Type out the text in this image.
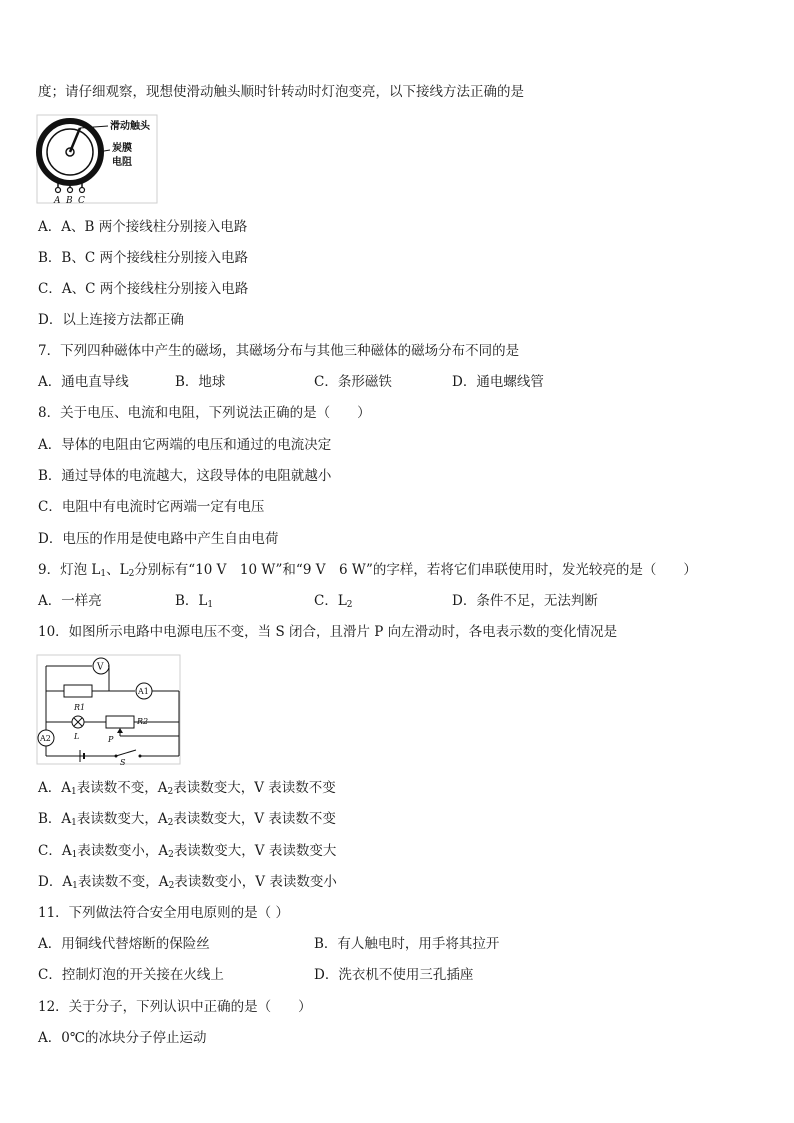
度；请仔细观察，现想使滑动触头顺时针转动时灯泡变亮，以下接线方法正确的是
滑动触头
炭膜
电阻
A B C
A．A、B 两个接线柱分别接入电路
B．B、C 两个接线柱分别接入电路
C．A、C 两个接线柱分别接入电路
D．以上连接方法都正确
7．下列四种磁体中产生的磁场，其磁场分布与其他三种磁体的磁场分布不同的是
A．通电直导线	B．地球	C．条形磁铁	D．通电螺线管
8．关于电压、电流和电阻，下列说法正确的是（　　）
A．导体的电阻由它两端的电压和通过的电流决定
B．通过导体的电流越大，这段导体的电阻就越小
C．电阻中有电流时它两端一定有电压
D．电压的作用是使电路中产生自由电荷
9．灯泡 $L_1$、$L_2$分别标有“10 V　10 W”和“9 V　6 W”的字样，若将它们串联使用时，发光较亮的是（　　）
A．一样亮	B．$L_1$	C．$L_2$	D．条件不足，无法判断
10．如图所示电路中电源电压不变，当 S 闭合，且滑片 P 向左滑动时，各电表示数的变化情况是
V
R1
A1
L
R2
P
A2
S
A．$A_1$表读数不变，$A_2$表读数变大，V 表读数不变
B．$A_1$表读数变大，$A_2$表读数变大，V 表读数不变
C．$A_1$表读数变小，$A_2$表读数变大，V 表读数变大
D．$A_1$表读数不变，$A_2$表读数变小，V 表读数变小
11．下列做法符合安全用电原则的是（ ）
A．用铜线代替熔断的保险丝	B．有人触电时，用手将其拉开
C．控制灯泡的开关接在火线上	D．洗衣机不使用三孔插座
12．关于分子，下列认识中正确的是（　　）
A．0℃的冰块分子停止运动
